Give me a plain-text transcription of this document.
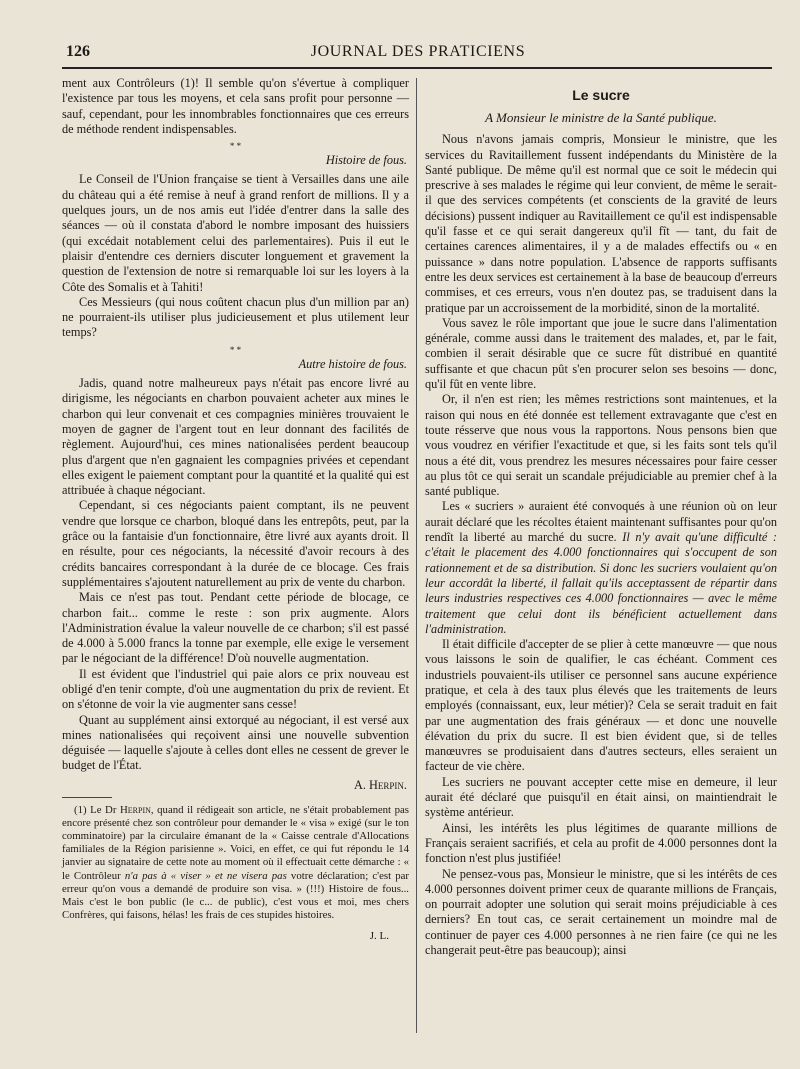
126	JOURNAL DES PRATICIENS

ment aux Contrôleurs (1)! Il semble qu'on s'évertue à compliquer l'existence par tous les moyens, et cela sans profit pour personne — sauf, cependant, pour les innombrables fonctionnaires que ces erreurs de méthode rendent indispensables.

* *

Histoire de fous.

Le Conseil de l'Union française se tient à Versailles dans une aile du château qui a été remise à neuf à grand renfort de millions. Il y a quelques jours, un de nos amis eut l'idée d'entrer dans la salle des séances — où il constata d'abord le nombre imposant des huissiers (qui excédait notablement celui des parlementaires). Puis il eut le plaisir d'entendre ces derniers discuter longuement et gravement la question de l'extension de notre si remarquable loi sur les loyers à la Côte des Somalis et à Tahiti!

Ces Messieurs (qui nous coûtent chacun plus d'un million par an) ne pourraient-ils utiliser plus judicieusement et plus utilement leur temps?

* *

Autre histoire de fous.

Jadis, quand notre malheureux pays n'était pas encore livré au dirigisme, les négociants en charbon pouvaient acheter aux mines le charbon qui leur convenait et ces compagnies minières trouvaient le moyen de gagner de l'argent tout en leur donnant des facilités de règlement. Aujourd'hui, ces mines nationalisées perdent beaucoup plus d'argent que n'en gagnaient les compagnies privées et cependant elles exigent le paiement comptant pour la quantité et la qualité qui est attribuée à chaque négociant.

Cependant, si ces négociants paient comptant, ils ne peuvent vendre que lorsque ce charbon, bloqué dans les entrepôts, peut, par la grâce ou la fantaisie d'un fonctionnaire, être livré aux ayants droit. Il en résulte, pour ces négociants, la nécessité d'avoir recours à des crédits bancaires correspondant à la durée de ce blocage. Ces frais supplémentaires s'ajoutent naturellement au prix de vente du charbon.

Mais ce n'est pas tout. Pendant cette période de blocage, ce charbon fait... comme le reste : son prix augmente. Alors l'Administration évalue la valeur nouvelle de ce charbon; s'il est passé de 4.000 à 5.000 francs la tonne par exemple, elle exige le versement par le négociant de la différence! D'où nouvelle augmentation.

Il est évident que l'industriel qui paie alors ce prix nouveau est obligé d'en tenir compte, d'où une augmentation du prix de revient. Et on s'étonne de voir la vie augmenter sans cesse!

Quant au supplément ainsi extorqué au négociant, il est versé aux mines nationalisées qui reçoivent ainsi une nouvelle subvention déguisée — laquelle s'ajoute à celles dont elles ne cessent de grever le budget de l'État.

A. Herpin.

(1) Le Dr Herpin, quand il rédigeait son article, ne s'était probablement pas encore présenté chez son contrôleur pour demander le « visa » exigé (sur le ton comminatoire) par la circulaire émanant de la « Caisse centrale d'Allocations familiales de la Région parisienne ». Voici, en effet, ce qui fut répondu le 14 janvier au signataire de cette note au moment où il effectuait cette démarche : « le Contrôleur n'a pas à « viser » et ne visera pas votre déclaration; c'est par erreur qu'on vous a demandé de produire son visa. » (!!!) Histoire de fous... Mais c'est le bon public (le c... de public), c'est vous et moi, mes chers Confrères, qui faisons, hélas! les frais de ces stupides histoires.

J. L.

Le sucre

A Monsieur le ministre de la Santé publique.

Nous n'avons jamais compris, Monsieur le ministre, que les services du Ravitaillement fussent indépendants du Ministère de la Santé publique. De même qu'il est normal que ce soit le médecin qui prescrive à ses malades le régime qui leur convient, de même le serait-il que des services compétents (et conscients de la gravité de leurs décisions) pussent indiquer au Ravitaillement ce qu'il est indispensable qu'il fasse et ce qui serait dangereux qu'il fît — tant, du fait de certaines carences alimentaires, il y a de malades effectifs ou « en puissance » dans notre population. L'absence de rapports suffisants entre les deux services est certainement à la base de beaucoup d'erreurs commises, et ces erreurs, vous n'en doutez pas, se traduisent dans la pratique par un accroissement de la morbidité, sinon de la mortalité.

Vous savez le rôle important que joue le sucre dans l'alimentation générale, comme aussi dans le traitement des malades, et, par le fait, combien il serait désirable que ce sucre fût distribué en quantité suffisante et que chacun pût s'en procurer selon ses besoins — donc, qu'il fût en vente libre.

Or, il n'en est rien; les mêmes restrictions sont maintenues, et la raison qui nous en été donnée est tellement extravagante que c'est en toute résserve que nous vous la rapportons. Nous pensons bien que vous voudrez en vérifier l'exactitude et que, si les faits sont tels qu'il nous a été dit, vous prendrez les mesures nécessaires pour faire cesser au plus tôt ce qui serait un scandale préjudiciable au premier chef à la santé publique.

Les « sucriers » auraient été convoqués à une réunion où on leur aurait déclaré que les récoltes étaient maintenant suffisantes pour qu'on rendît la liberté au marché du sucre. Il n'y avait qu'une difficulté : c'était le placement des 4.000 fonctionnaires qui s'occupent de son rationnement et de sa distribution. Si donc les sucriers voulaient qu'on leur accordât la liberté, il fallait qu'ils acceptassent de répartir dans leurs industries respectives ces 4.000 fonctionnaires — avec le même traitement que celui dont ils bénéficient actuellement dans l'administration.

Il était difficile d'accepter de se plier à cette manœuvre — que nous vous laissons le soin de qualifier, le cas échéant. Comment ces industriels pouvaient-ils utiliser ce personnel sans aucune expérience pratique, et cela à des taux plus élevés que les traitements de leurs employés (connaissant, eux, leur métier)? Cela se serait traduit en fait par une augmentation des frais généraux — et donc une nouvelle élévation du prix du sucre. Il est bien évident que, si de telles manœuvres se produisaient dans d'autres secteurs, elles seraient un facteur de vie chère.

Les sucriers ne pouvant accepter cette mise en demeure, il leur aurait été déclaré que puisqu'il en était ainsi, on maintiendrait le système antérieur.

Ainsi, les intérêts les plus légitimes de quarante millions de Français seraient sacrifiés, et cela au profit de 4.000 personnes dont la fonction n'est plus justifiée!

Ne pensez-vous pas, Monsieur le ministre, que si les intérêts de ces 4.000 personnes doivent primer ceux de quarante millions de Français, on pourrait adopter une solution qui serait moins préjudiciable à ces derniers? En tout cas, ce serait certainement un moindre mal de continuer de payer ces 4.000 personnes à ne rien faire (ce qui ne les changerait peut-être pas beaucoup); ainsi
